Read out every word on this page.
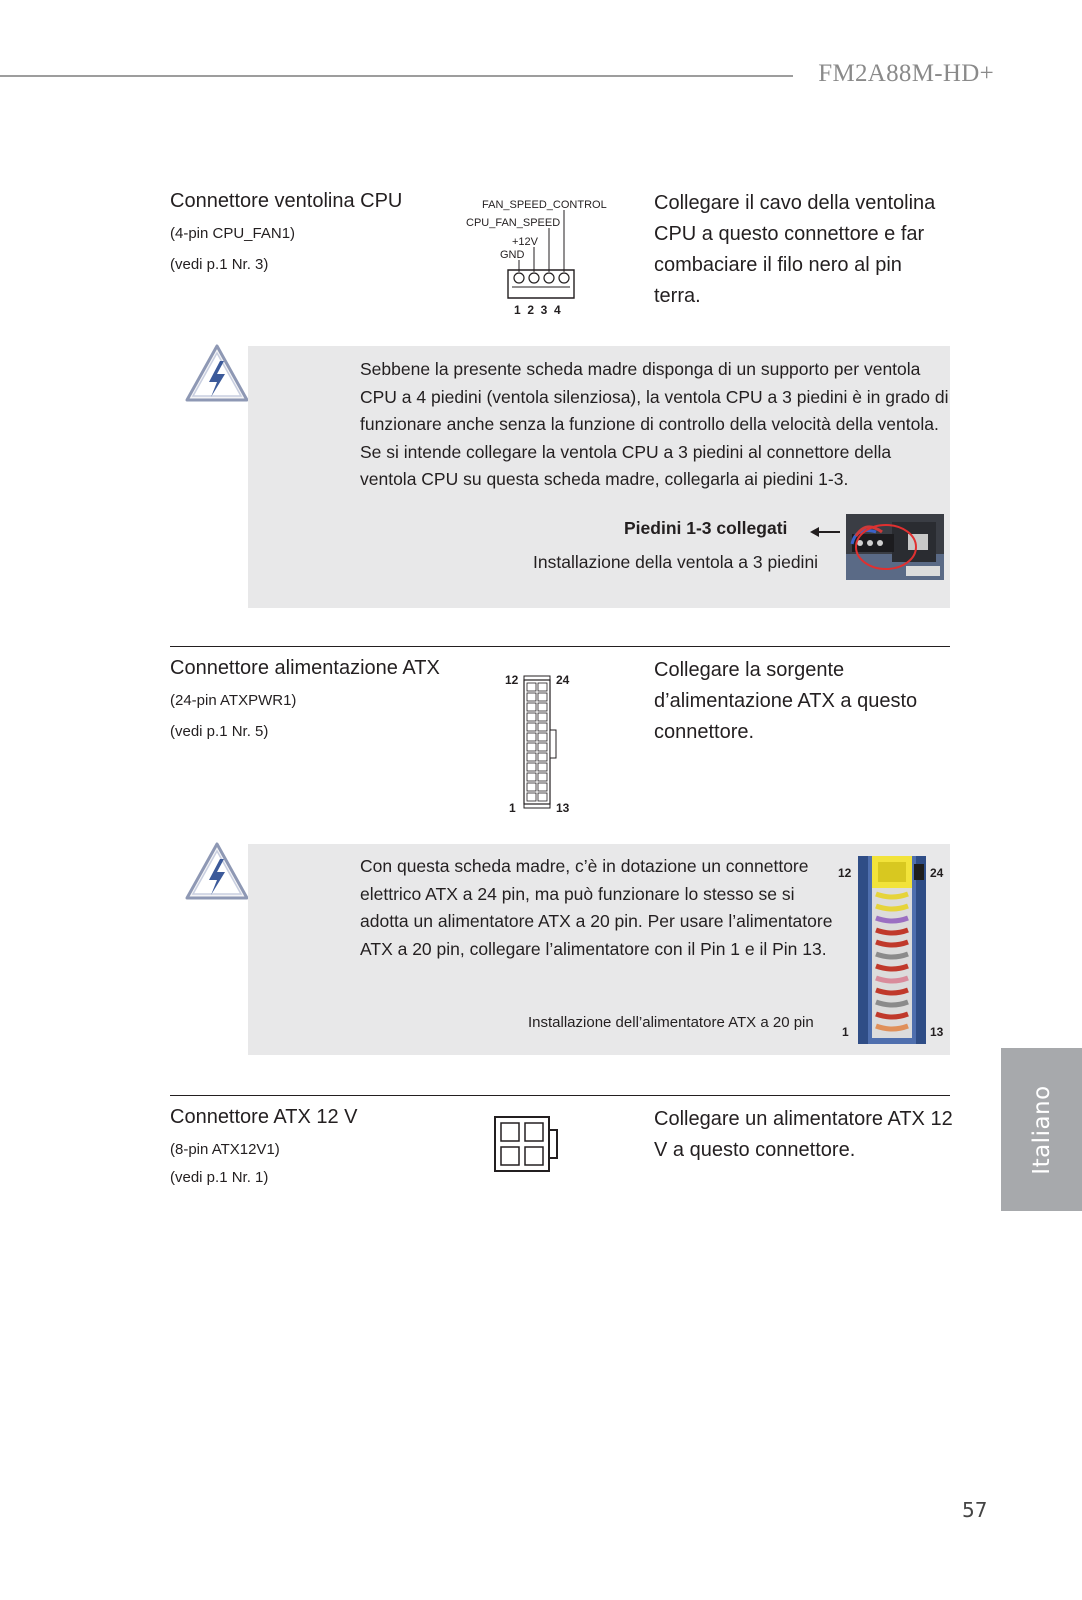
FM2A88M-HD+
Connettore ventolina CPU
(4-pin CPU_FAN1)
(vedi p.1 Nr. 3)
FAN_SPEED_CONTROL
CPU_FAN_SPEED
+12V
GND
1  2  3  4
Collegare il cavo della ventolina CPU a questo connettore e far combaciare il filo nero al pin terra.
Sebbene la presente scheda madre disponga di un supporto per ventola CPU a 4 piedini (ventola silenziosa), la ventola CPU a 3 piedini è in grado di funzionare anche senza la funzione di controllo della velocità della ventola. Se si intende collegare la ventola CPU a 3 piedini al connettore della ventola CPU su questa scheda madre, collegarla ai piedini 1-3.
Piedini 1-3 collegati
Installazione della ventola a 3 piedini
Connettore alimentazione ATX
(24-pin ATXPWR1)
(vedi p.1 Nr. 5)
12	24
1	13
Collegare la sorgente d’alimentazione ATX a questo connettore.
Con questa scheda madre, c’è in dotazione un connettore elettrico ATX a 24 pin, ma può funzionare lo stesso se si adotta un alimentatore ATX a 20 pin. Per usare l’alimentatore ATX a 20 pin, collegare l’alimentatore con il Pin 1 e il Pin 13.
Installazione dell’alimentatore ATX a 20 pin
12	24
1	13
Connettore ATX 12 V
(8-pin ATX12V1)
(vedi p.1 Nr. 1)
Collegare un alimentatore ATX 12 V a questo connettore.	Italiano
57
